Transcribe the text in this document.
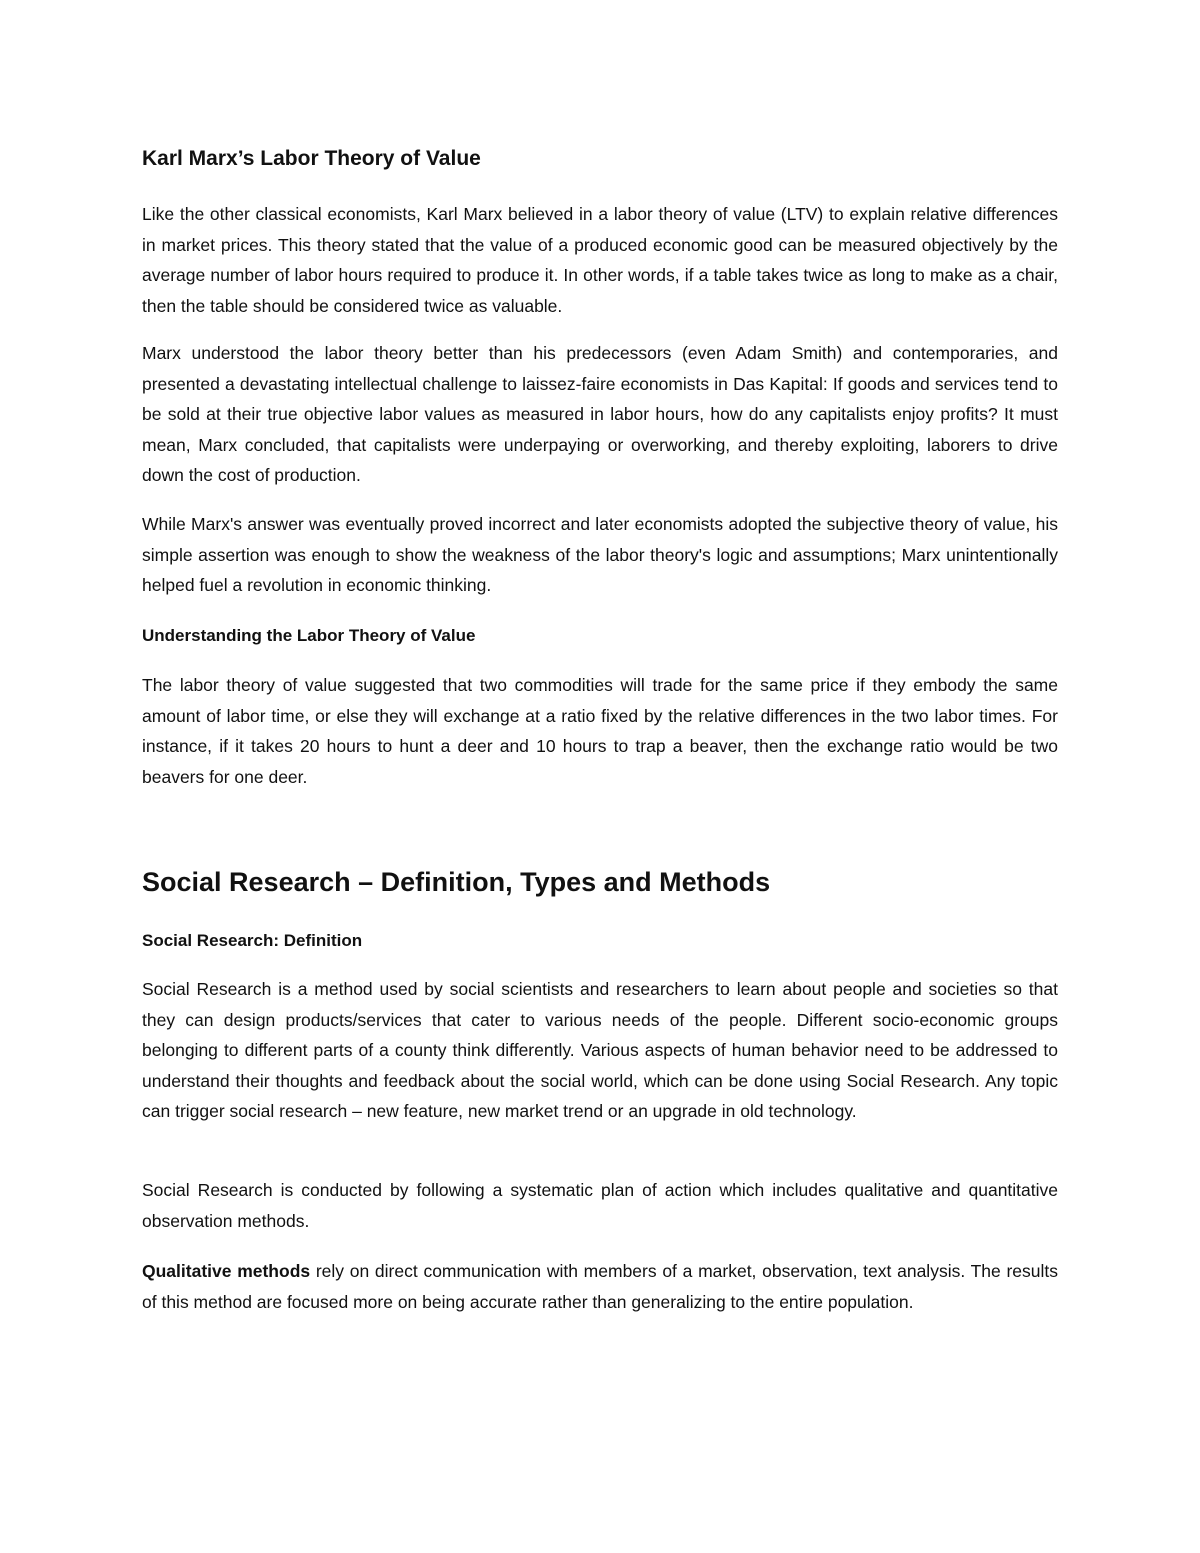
Karl Marx’s Labor Theory of Value

Like the other classical economists, Karl Marx believed in a labor theory of value (LTV) to explain relative differences in market prices. This theory stated that the value of a produced economic good can be measured objectively by the average number of labor hours required to produce it. In other words, if a table takes twice as long to make as a chair, then the table should be considered twice as valuable.

Marx understood the labor theory better than his predecessors (even Adam Smith) and contemporaries, and presented a devastating intellectual challenge to laissez-faire economists in Das Kapital: If goods and services tend to be sold at their true objective labor values as measured in labor hours, how do any capitalists enjoy profits? It must mean, Marx concluded, that capitalists were underpaying or overworking, and thereby exploiting, laborers to drive down the cost of production.

While Marx's answer was eventually proved incorrect and later economists adopted the subjective theory of value, his simple assertion was enough to show the weakness of the labor theory's logic and assumptions; Marx unintentionally helped fuel a revolution in economic thinking.

Understanding the Labor Theory of Value

The labor theory of value suggested that two commodities will trade for the same price if they embody the same amount of labor time, or else they will exchange at a ratio fixed by the relative differences in the two labor times. For instance, if it takes 20 hours to hunt a deer and 10 hours to trap a beaver, then the exchange ratio would be two beavers for one deer.

Social Research – Definition, Types and Methods
Social Research: Definition

Social Research is a method used by social scientists and researchers to learn about people and societies so that they can design products/services that cater to various needs of the people. Different socio-economic groups belonging to different parts of a county think differently. Various aspects of human behavior need to be addressed to understand their thoughts and feedback about the social world, which can be done using Social Research. Any topic can trigger social research – new feature, new market trend or an upgrade in old technology.

Social Research is conducted by following a systematic plan of action which includes qualitative and quantitative observation methods.

Qualitative methods rely on direct communication with members of a market, observation, text analysis. The results of this method are focused more on being accurate rather than generalizing to the entire population.
